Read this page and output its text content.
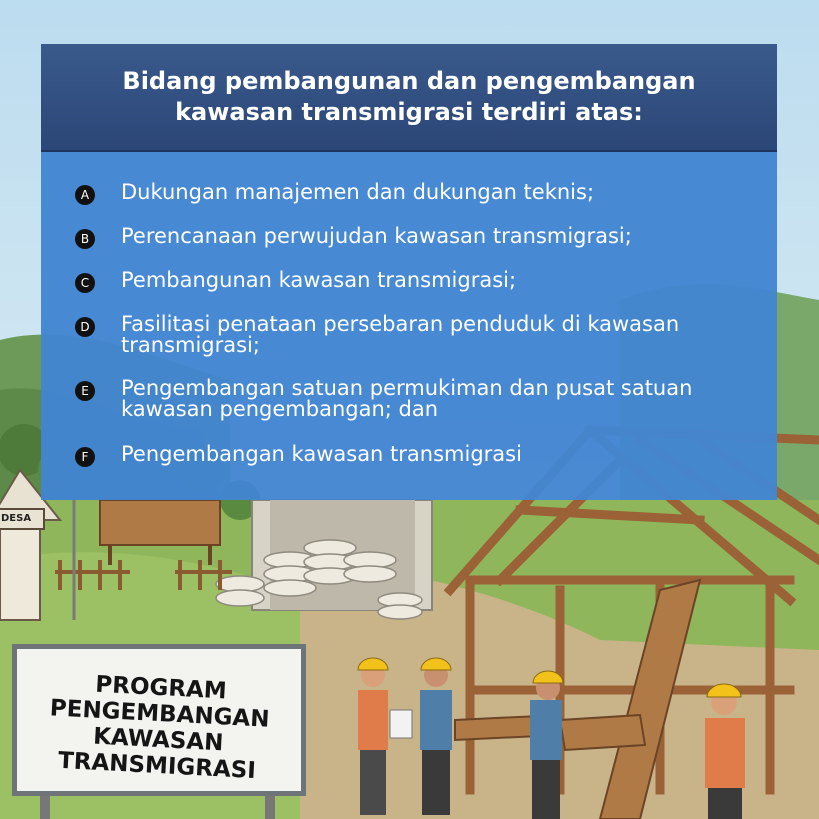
DESA
Bidang pembangunan dan pengembangan
kawasan transmigrasi terdiri atas:
A Dukungan manajemen dan dukungan teknis;
B Perencanaan perwujudan kawasan transmigrasi;
C Pembangunan kawasan transmigrasi;
D Fasilitasi penataan persebaran penduduk di kawasan transmigrasi;
E Pengembangan satuan permukiman dan pusat satuan kawasan pengembangan; dan
F	Pengembangan kawasan transmigrasi
PROGRAM
PENGEMBANGAN
KAWASAN
TRANSMIGRASI
